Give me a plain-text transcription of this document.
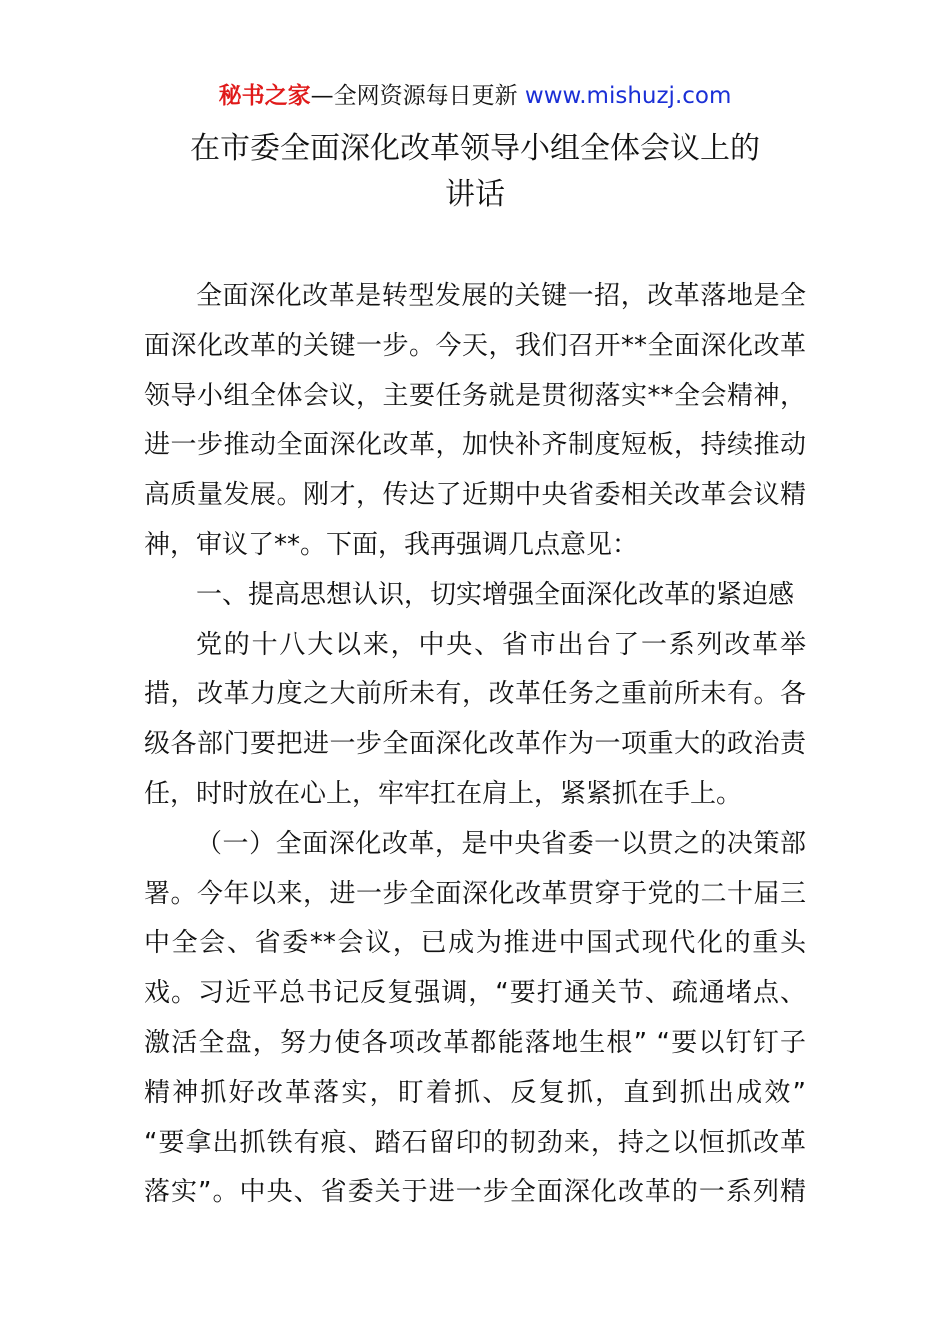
秘书之家—全网资源每日更新 www.mishuzj.com
在市委全面深化改革领导小组全体会议上的
讲话
全面深化改革是转型发展的关键一招，改革落地是全
面深化改革的关键一步。今天，我们召开**全面深化改革
领导小组全体会议，主要任务就是贯彻落实**全会精神，
进一步推动全面深化改革，加快补齐制度短板，持续推动
高质量发展。刚才，传达了近期中央省委相关改革会议精
神，审议了**。下面，我再强调几点意见：
一、提高思想认识，切实增强全面深化改革的紧迫感
党的十八大以来，中央、省市出台了一系列改革举
措，改革力度之大前所未有，改革任务之重前所未有。各
级各部门要把进一步全面深化改革作为一项重大的政治责
任，时时放在心上，牢牢扛在肩上，紧紧抓在手上。
（一）全面深化改革，是中央省委一以贯之的决策部
署。今年以来，进一步全面深化改革贯穿于党的二十届三
中全会、省委**会议，已成为推进中国式现代化的重头
戏。习近平总书记反复强调，“要打通关节、疏通堵点、
激活全盘，努力使各项改革都能落地生根” “要以钉钉子
精神抓好改革落实，盯着抓、反复抓，直到抓出成效”
“要拿出抓铁有痕、踏石留印的韧劲来，持之以恒抓改革
落实”。中央、省委关于进一步全面深化改革的一系列精
